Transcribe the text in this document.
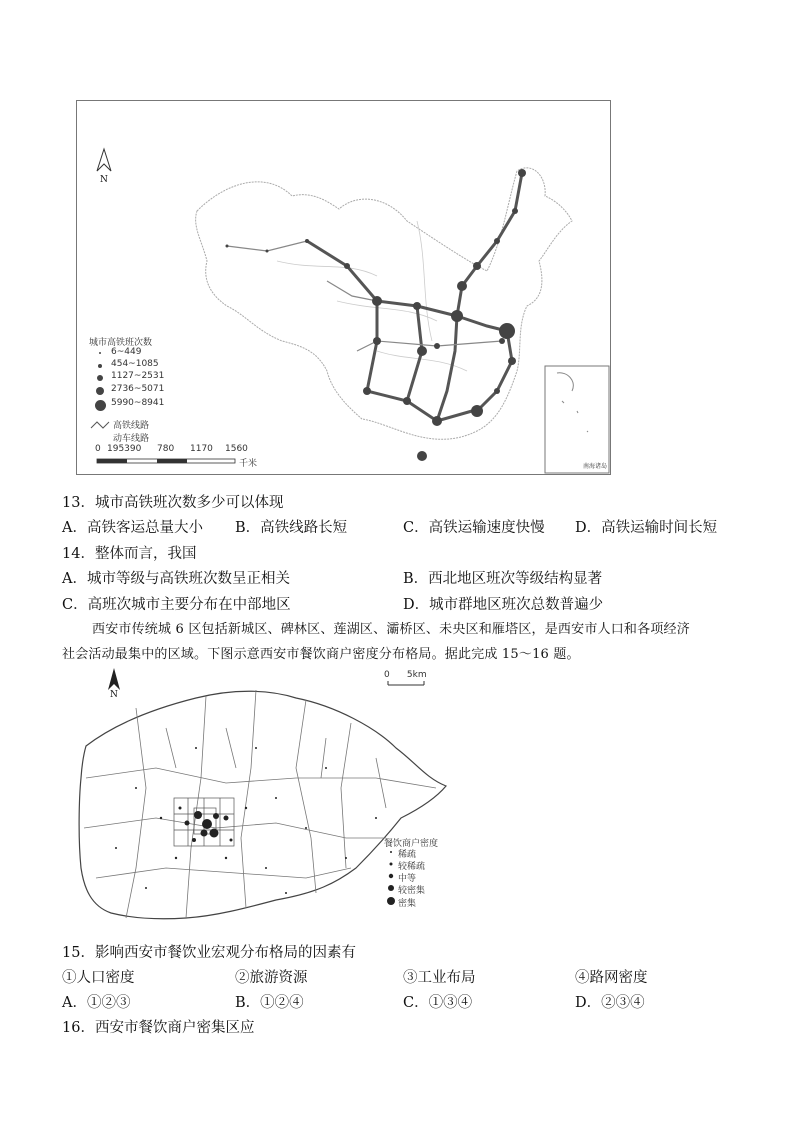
N
城市高铁班次数
6~449
454~1085
1127~2531
2736~5071
5990~8941
高铁线路
动车线路
0 195390 780 1170 1560
千米	南海诸岛
13．城市高铁班次数多少可以体现
A．高铁客运总量大小 B．高铁线路长短	C．高铁运输速度快慢 D．高铁运输时间长短
14．整体而言，我国
A．城市等级与高铁班次数呈正相关	B．西北地区班次等级结构显著
C．高班次城市主要分布在中部地区	D．城市群地区班次总数普遍少
西安市传统城 6 区包括新城区、碑林区、莲湖区、灞桥区、未央区和雁塔区，是西安市人口和各项经济
社会活动最集中的区域。下图示意西安市餐饮商户密度分布格局。据此完成 15～16 题。
N
0      5km
餐饮商户密度
稀疏
较稀疏
中等
较密集
密集
15．影响西安市餐饮业宏观分布格局的因素有
①人口密度	②旅游资源	③工业布局	④路网密度
A．①②③	B．①②④	C．①③④	D．②③④
16．西安市餐饮商户密集区应
